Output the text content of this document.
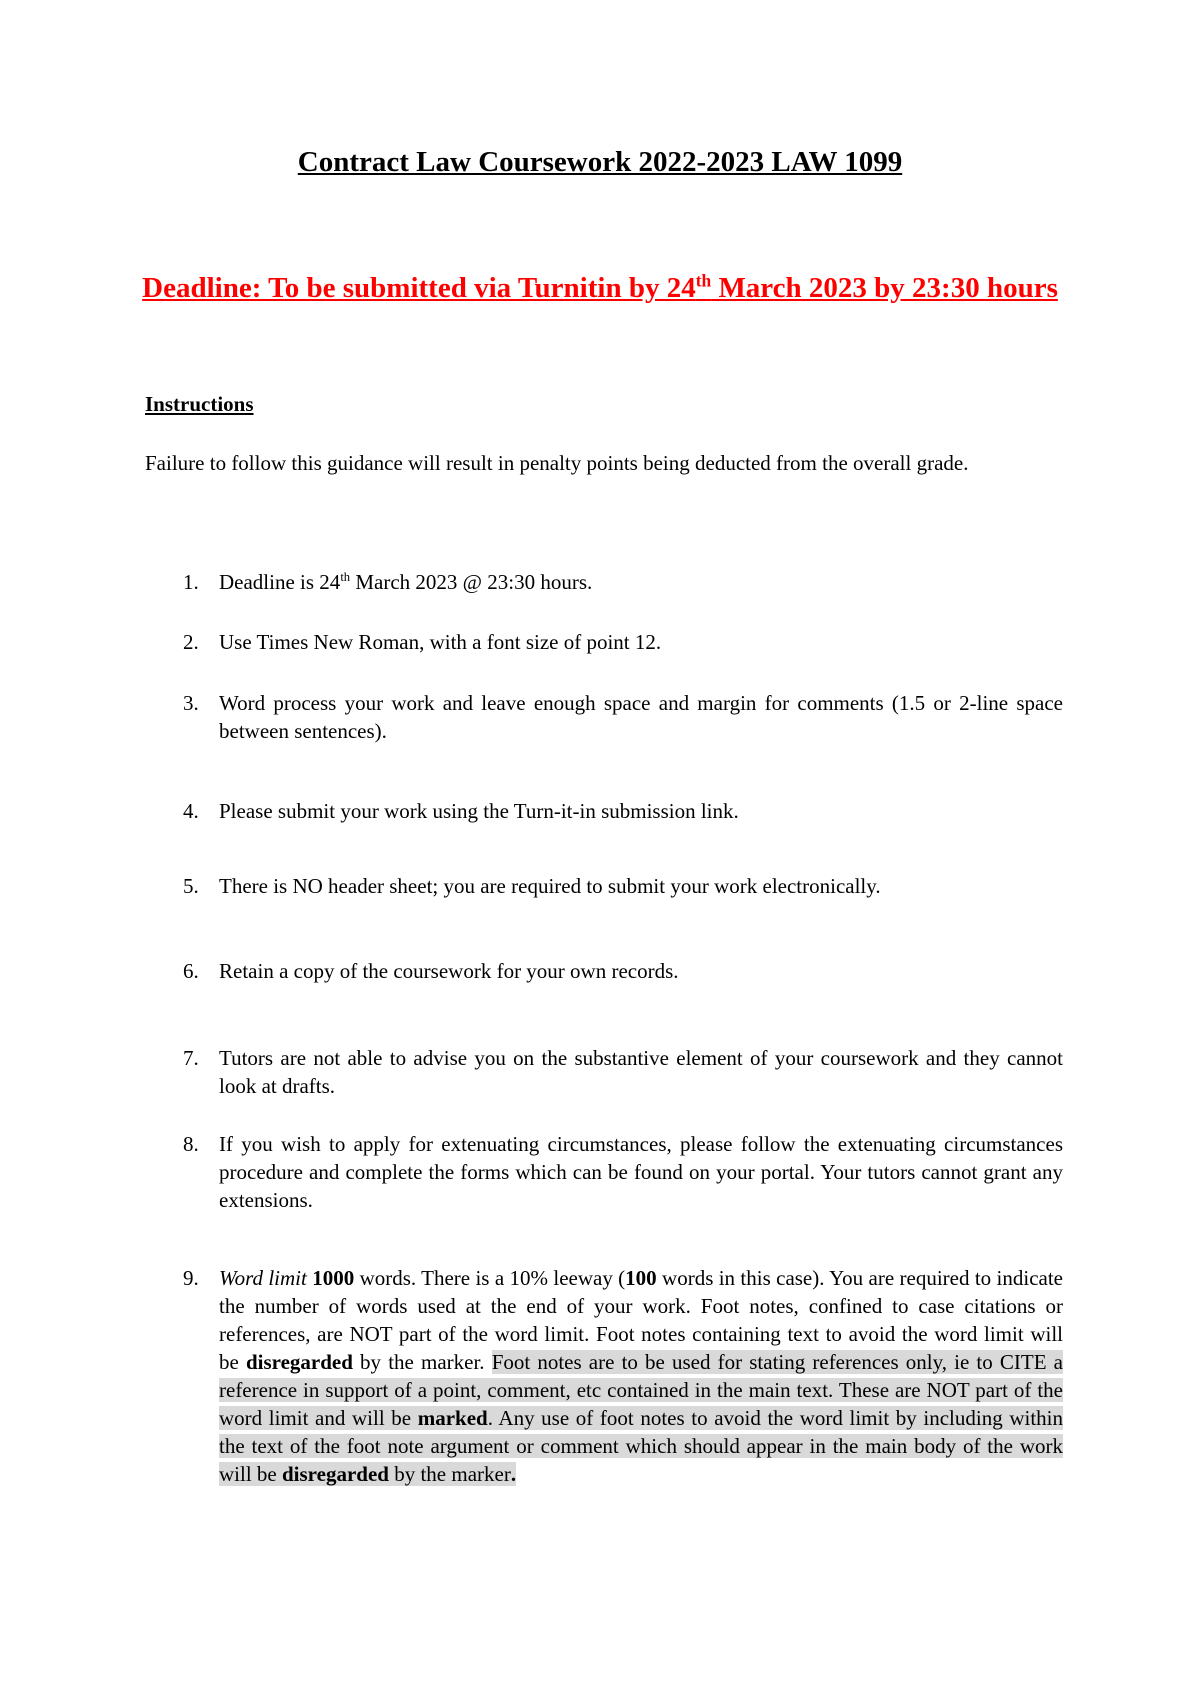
Contract Law Coursework 2022-2023 LAW 1099

Deadline: To be submitted via Turnitin by 24th March 2023 by 23:30 hours

Instructions

Failure to follow this guidance will result in penalty points being deducted from the overall grade.

1. Deadline is 24th March 2023 @ 23:30 hours.

2. Use Times New Roman, with a font size of point 12.

3. Word process your work and leave enough space and margin for comments (1.5 or 2-line space between sentences).

4. Please submit your work using the Turn-it-in submission link.

5. There is NO header sheet; you are required to submit your work electronically.

6. Retain a copy of the coursework for your own records.

7. Tutors are not able to advise you on the substantive element of your coursework and they cannot look at drafts.

8. If you wish to apply for extenuating circumstances, please follow the extenuating circumstances procedure and complete the forms which can be found on your portal. Your tutors cannot grant any extensions.

9. Word limit 1000 words. There is a 10% leeway (100 words in this case). You are required to indicate the number of words used at the end of your work. Foot notes, confined to case citations or references, are NOT part of the word limit. Foot notes containing text to avoid the word limit will be disregarded by the marker. Foot notes are to be used for stating references only, ie to CITE a reference in support of a point, comment, etc contained in the main text. These are NOT part of the word limit and will be marked. Any use of foot notes to avoid the word limit by including within the text of the foot note argument or comment which should appear in the main body of the work will be disregarded by the marker.
